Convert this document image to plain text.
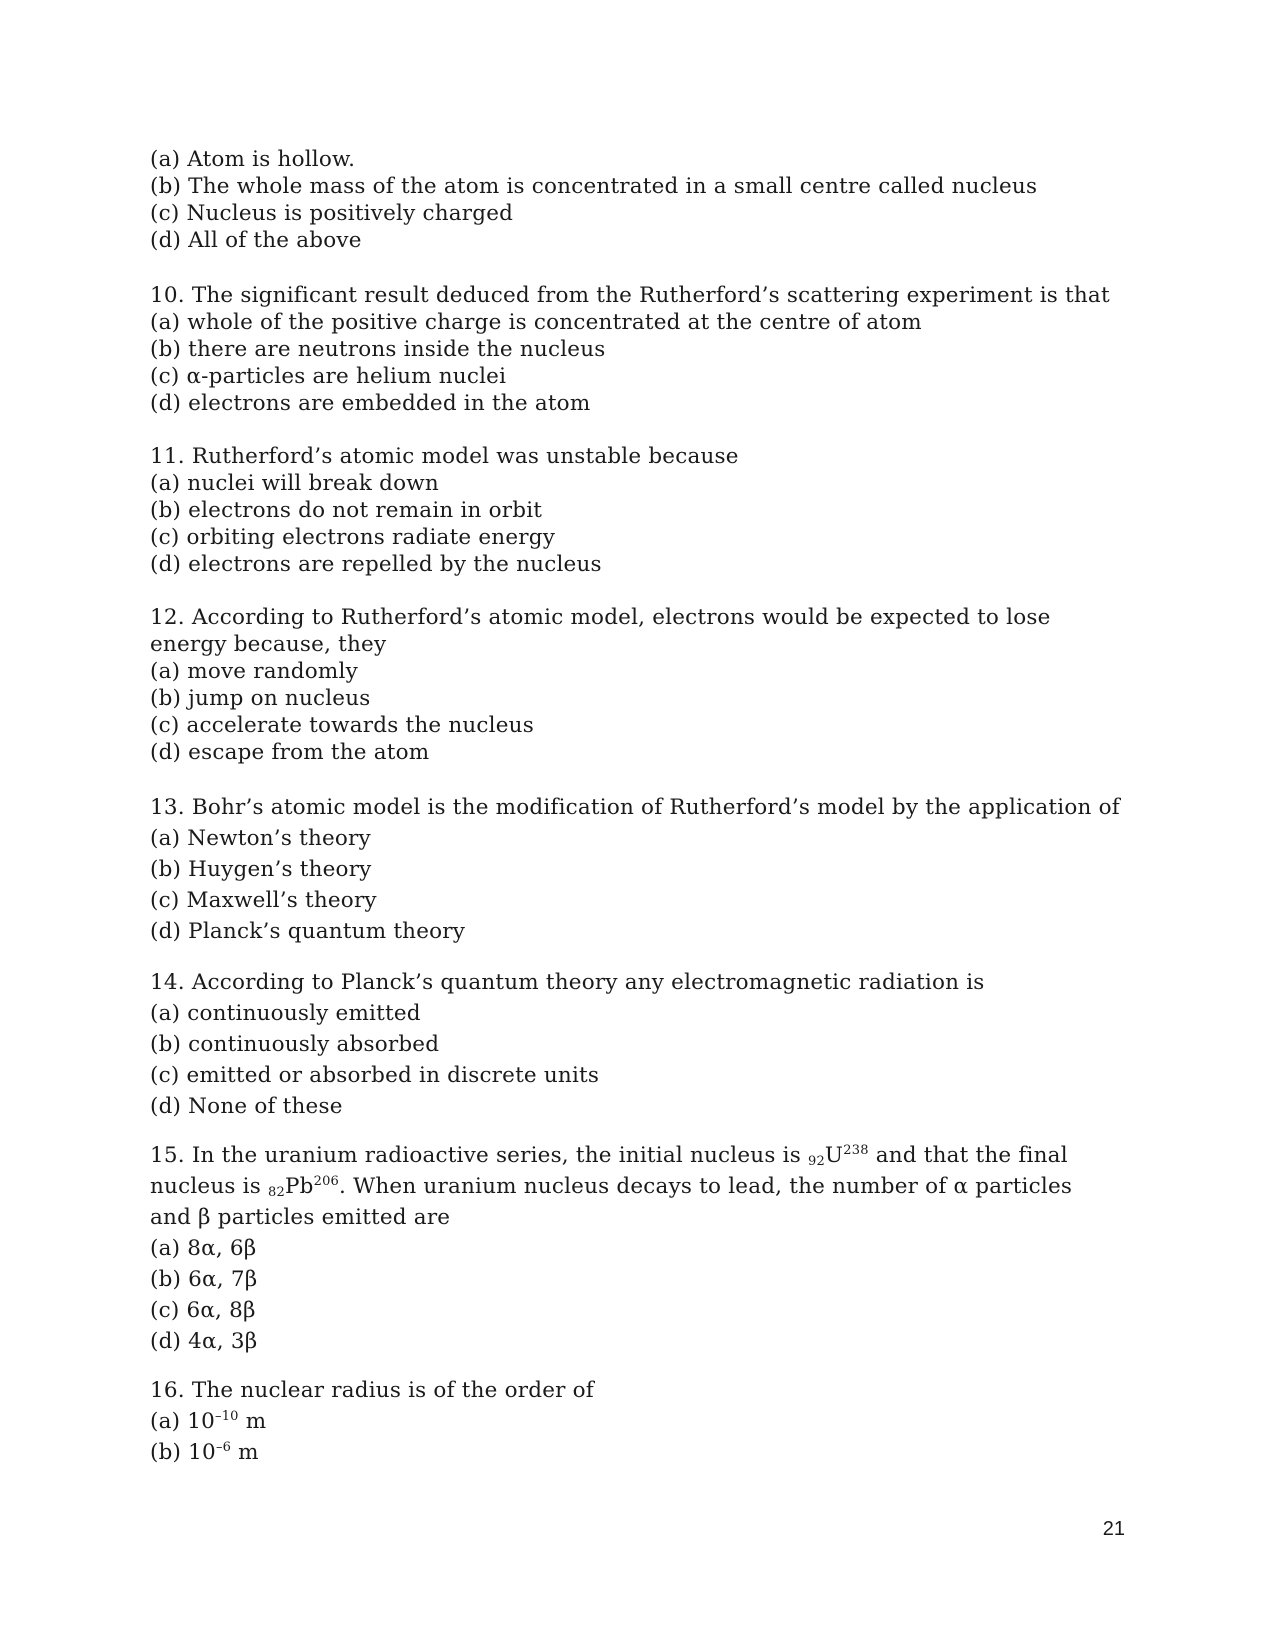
(a) Atom is hollow.
(b) The whole mass of the atom is concentrated in a small centre called nucleus
(c) Nucleus is positively charged
(d) All of the above
10. The significant result deduced from the Rutherford’s scattering experiment is that
(a) whole of the positive charge is concentrated at the centre of atom
(b) there are neutrons inside the nucleus
(c) α-particles are helium nuclei
(d) electrons are embedded in the atom
11. Rutherford’s atomic model was unstable because
(a) nuclei will break down
(b) electrons do not remain in orbit
(c) orbiting electrons radiate energy
(d) electrons are repelled by the nucleus
12. According to Rutherford’s atomic model, electrons would be expected to lose
energy because, they
(a) move randomly
(b) jump on nucleus
(c) accelerate towards the nucleus
(d) escape from the atom
13. Bohr’s atomic model is the modification of Rutherford’s model by the application of
(a) Newton’s theory
(b) Huygen’s theory
(c) Maxwell’s theory
(d) Planck’s quantum theory
14. According to Planck’s quantum theory any electromagnetic radiation is
(a) continuously emitted
(b) continuously absorbed
(c) emitted or absorbed in discrete units
(d) None of these
15. In the uranium radioactive series, the initial nucleus is $_{92}U^{238}$ and that the final
nucleus is $_{82}Pb^{206}$. When uranium nucleus decays to lead, the number of α particles
and β particles emitted are
(a) 8α, 6β
(b) 6α, 7β
(c) 6α, 8β
(d) 4α, 3β
16. The nuclear radius is of the order of
(a) $10^{-10}$ m
(b) $10^{-6}$ m
21
